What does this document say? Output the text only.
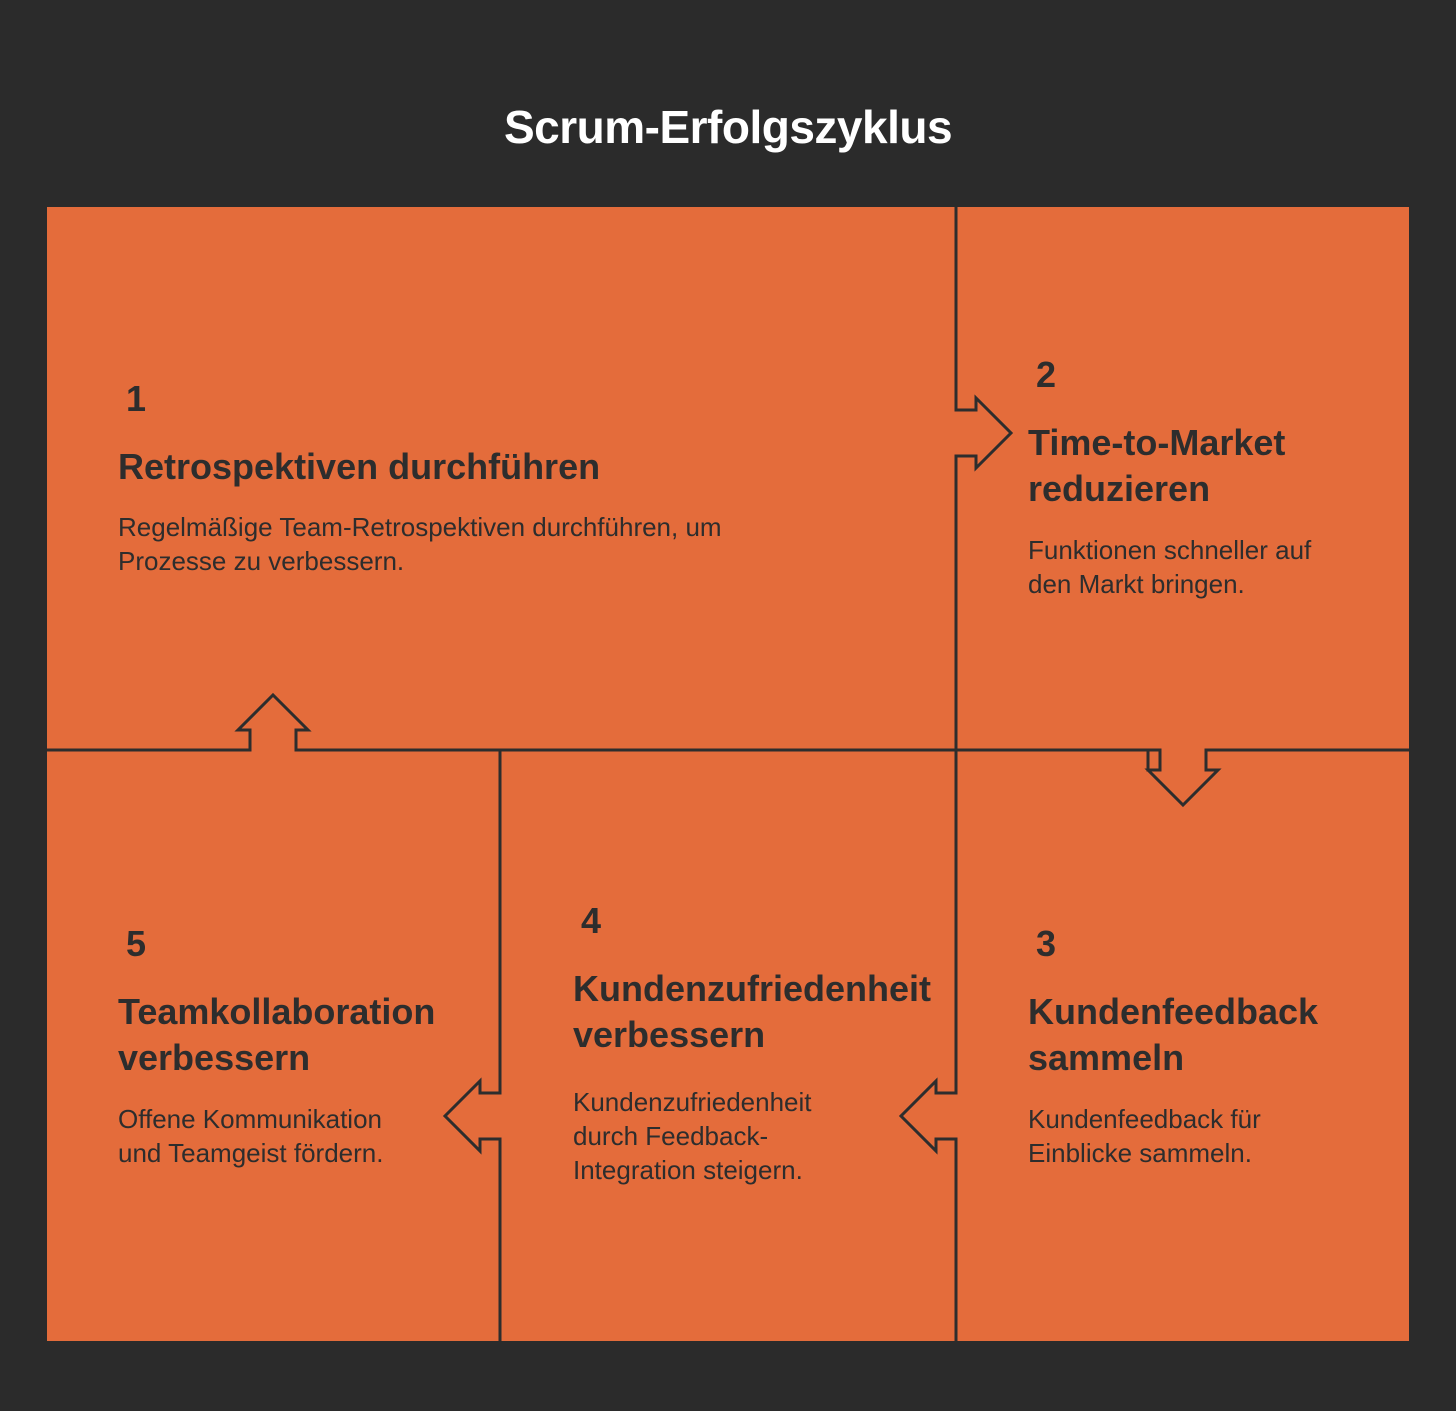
Scrum-Erfolgszyklus
1
Retrospektiven durchführen
Regelmäßige Team-Retrospektiven durchführen, um
Prozesse zu verbessern.
2
Time-to-Market
reduzieren
Funktionen schneller auf
den Markt bringen.
3
Kundenfeedback
sammeln
Kundenfeedback für
Einblicke sammeln.
4
Kundenzufriedenheit
verbessern
Kundenzufriedenheit
durch Feedback-
Integration steigern.
5
Teamkollaboration
verbessern
Offene Kommunikation
und Teamgeist fördern.
